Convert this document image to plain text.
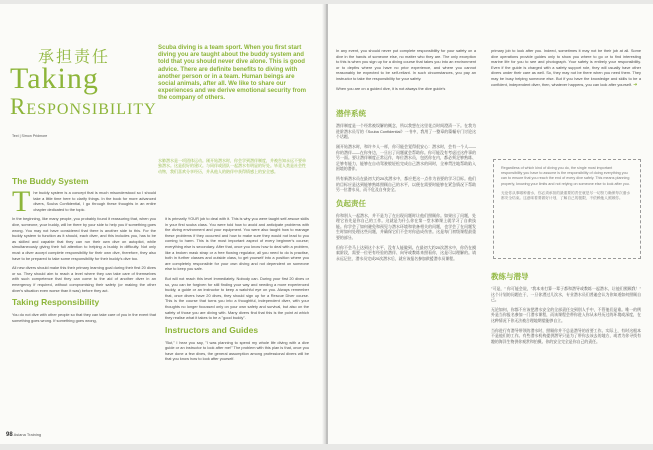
承担责任
Taking
Responsibility
Text | Simon Pridmore
Scuba diving is a team sport. When you first start diving you are taught about the buddy system and told that you should never dive alone. This is good advice. There are definite benefits to diving with another person or in a team. Human beings are social animals, after all. We like to share our experiences and we derive emotional security from the company of others.
水肺潜水是一项团体运动。刚开始潜水时，你会学到潜伴制度，并被告知永远不要单独潜水。这是很好的建议。与同伴或团队一起潜水有明显的好处。毕竟人类是社会性动物，我们喜欢分享经历，并从他人的陪伴中获得情感上的安全感。
The Buddy System

The buddy system is a concept that is much misunderstood so I should take a little time here to clarify things. In the book for more advanced divers, Scuba Confidential, I go through these thoughts in an entire chapter dedicated to the topic.

In the beginning, like many people, you probably found it reassuring that, when you dive, someone, your buddy, will be there by your side to help you if something goes wrong. You may not have considered that there is another side to this. For the buddy system to function as it should, each diver, and this includes you, has to be as skilled and capable that they can run their own dive on autopilot, while simultaneously giving their full attention to helping a buddy in difficulty. Not only must a diver accept complete responsibility for their own dive, therefore, they also have to be prepared to take some responsibility for their buddy's dive too.

All new divers should make this their primary learning goal during their first 20 dives or so. They should aim to reach a level where they can take care of themselves with such competence that they can come to the aid of another diver in an emergency if required, without compromising their safety (or making the other diver's situation even worse than it was) before they act.

Taking Responsibility

You do not dive with other people so that they can take care of you in the event that something goes wrong. If something goes wrong,

it is primarily YOUR job to deal with it. This is why you were taught self-rescue skills in your first scuba class. You were told how to avoid and anticipate problems with the diving environment and your equipment. You were also taught how to manage these problems if they occurred and how to make sure they would not lead to you coming to harm. This is the most important aspect of every beginner's course; everything else is secondary. After that, once you know how to deal with a problem, like a broken mask strap or a free flowing regulator, all you need to do is practise, both in further classes and outside class, to get yourself into a position where you are completely responsible for your own diving and not dependent on someone else to keep you safe.

But will not reach this level immediately. Nobody can. During your first 20 dives or so, you can be forgiven for still finding your way and needing a more experienced buddy, a guide or an instructor to keep a watchful eye on you. Always remember that, once divers have 20 dives, they should sign up for a Rescue Diver course. This is the course that turns you into a thoughtful, independent diver, with your thoughts no longer focussed only on your own safety and survival, but also on the safety of those you are diving with. Many divers find that this is the point at which they realise what it takes to be a "good buddy".

Instructors and Guides

"But," I hear you say, "I was planning to spend my whole life diving with a dive guide or an instructor to look after me!" The problem with this plan is that, once you have done a few dives, the general assumption among professional divers will be that you know how to look after yourself.

98 Asiana Training

In any event, you should never put complete responsibility for your safety on a dive in the hands of someone else, no matter who they are. The only exception to this is when you sign up for a diving course that takes you into an environment or to depths where you have no prior experience, and where you cannot reasonably be expected to be self-reliant. In such circumstances, you pay an instructor to take the responsibility for your safety.

When you are on a guided dive, it is not always the dive guide's

潜伴系统

潜伴制度是一个经常被误解的概念，所以我想在这里花点时间澄清一下。在我为进阶潜水员写的《Scuba Confidential》一书中，我用了一整章的篇幅专门讨论这个话题。

刚开始潜水时，和许多人一样，你可能会觉得很安心：潜水时，会有一个人——你的潜伴——在你身边，一旦出了问题就会帮助你。你可能没有考虑过这件事的另一面。要让潜伴制度正常运作，每位潜水员，包括你在内，都必须足够熟练、足够有能力，能够在自动驾驶般轻松完成自己潜水的同时，全神贯注地帮助陷入困境的潜伴。

所有新潜水员在最初大约20次潜水中，都应把这一点作为首要的学习目标。他们的目标应是达到能够熟练照顾自己的水平，以便在需要时能够在紧急情况下帮助另一位潜水员，而不危及自身安全。

负起责任

你和别人一起潜水，并不是为了在出现问题时让他们照顾你。如果出了问题，处理它首先是你自己的工作。这就是为什么你在第一堂水肺课上就学习了自救技能。你学会了如何避免和预见与潜水环境和装备相关的问题，也学会了在问题发生时如何处理这些问题，并确保它们不会对你造成伤害。这是每门初级课程最重要的部分。

但你不会马上达到这个水平，没有人能做到。在最初大约20次潜水中，你仍在摸索阶段，需要一位更有经验的潜伴、向导或教练来照看你，这是可以理解的。请永远记住，潜水员完成20次潜水后，就应该报名参加救援潜水员课程。

primary job to look after you. Indeed, sometimes it may not be their job at all. Some dive operations provide guides only to show you where to go or to find interesting marine life for you to see and photograph. Your safety is entirely your responsibility. Even if the guide is charged with a safety support role, they will usually have other divers under their care as well. So, they may not be there when you need them. They may be busy helping someone else. But if you have the knowledge and skills to be a confident, independent diver, then, whatever happens, you can look after yourself. ➜

Regardless of which kind of diving you do, the single most important responsibility you have to assume is the responsibility of doing everything you can to ensure that you reach the end of every dive safely. This means planning properly, knowing your limits and not relying on someone else to look after you.

无论你从事哪种潜水，你必须承担的最重要的责任就是尽一切努力确保每次潜水都安全结束。这意味着要做好计划，了解自己的极限，不依赖他人照顾你。

教练与潜导

"可是，" 你可能会说，"我本来打算一辈子都和潜导或教练一起潜水，让他们照顾我！" 这个计划的问题在于，一旦你潜过几次水，专业潜水员们普遍会认为你知道如何照顾自己。

无论如何，你都不应该把潜水安全的全部责任交到别人手中，不管他们是谁。唯一的例外是当你报名参加一门潜水课程，而该课程会带你进入你从未经历过的环境或深度，在这种情况下你无法被合理地期望能够自立。

当你进行有潜导带领的潜水时，照顾你并不总是潜导的首要工作。实际上，有时这根本不是他们的工作。有些潜水机构提供潜导只是为了带你去该去的地方，或者为你寻找有趣的海洋生物供你观赏和拍摄。你的安全完全是你自己的责任。
